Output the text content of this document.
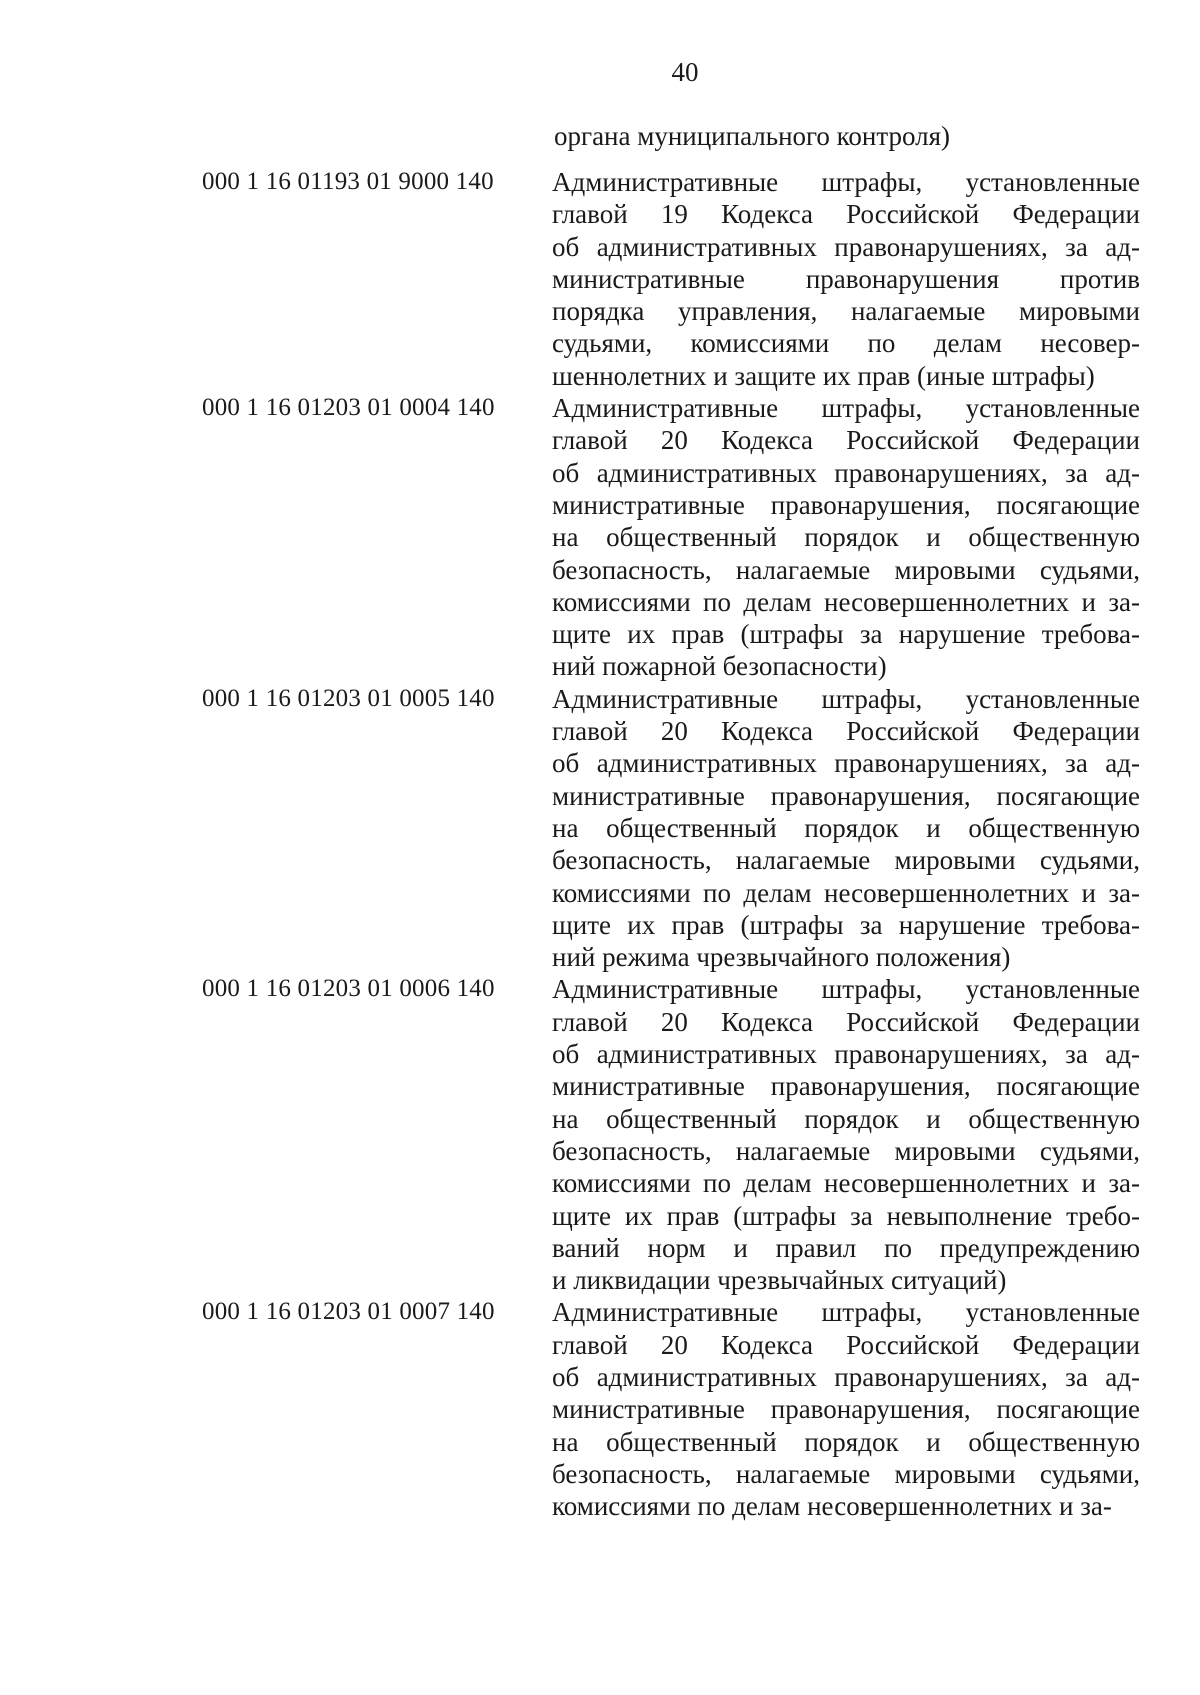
40
органа муниципального контроля)
000 1 16 01193 01 9000 140	Административные штрафы, установленные
главой 19 Кодекса Российской Федерации
об административных правонарушениях, за ад-
министративные правонарушения против
порядка управления, налагаемые мировыми
судьями, комиссиями по делам несовер-
шеннолетних и защите их прав (иные штрафы)
000 1 16 01203 01 0004 140	Административные штрафы, установленные
главой 20 Кодекса Российской Федерации
об административных правонарушениях, за ад-
министративные правонарушения, посягающие
на общественный порядок и общественную
безопасность, налагаемые мировыми судьями,
комиссиями по делам несовершеннолетних и за-
щите их прав (штрафы за нарушение требова-
ний пожарной безопасности)
000 1 16 01203 01 0005 140	Административные штрафы, установленные
главой 20 Кодекса Российской Федерации
об административных правонарушениях, за ад-
министративные правонарушения, посягающие
на общественный порядок и общественную
безопасность, налагаемые мировыми судьями,
комиссиями по делам несовершеннолетних и за-
щите их прав (штрафы за нарушение требова-
ний режима чрезвычайного положения)
000 1 16 01203 01 0006 140	Административные штрафы, установленные
главой 20 Кодекса Российской Федерации
об административных правонарушениях, за ад-
министративные правонарушения, посягающие
на общественный порядок и общественную
безопасность, налагаемые мировыми судьями,
комиссиями по делам несовершеннолетних и за-
щите их прав (штрафы за невыполнение требо-
ваний норм и правил по предупреждению
и ликвидации чрезвычайных ситуаций)
000 1 16 01203 01 0007 140	Административные штрафы, установленные
главой 20 Кодекса Российской Федерации
об административных правонарушениях, за ад-
министративные правонарушения, посягающие
на общественный порядок и общественную
безопасность, налагаемые мировыми судьями,
комиссиями по делам несовершеннолетних и за-
